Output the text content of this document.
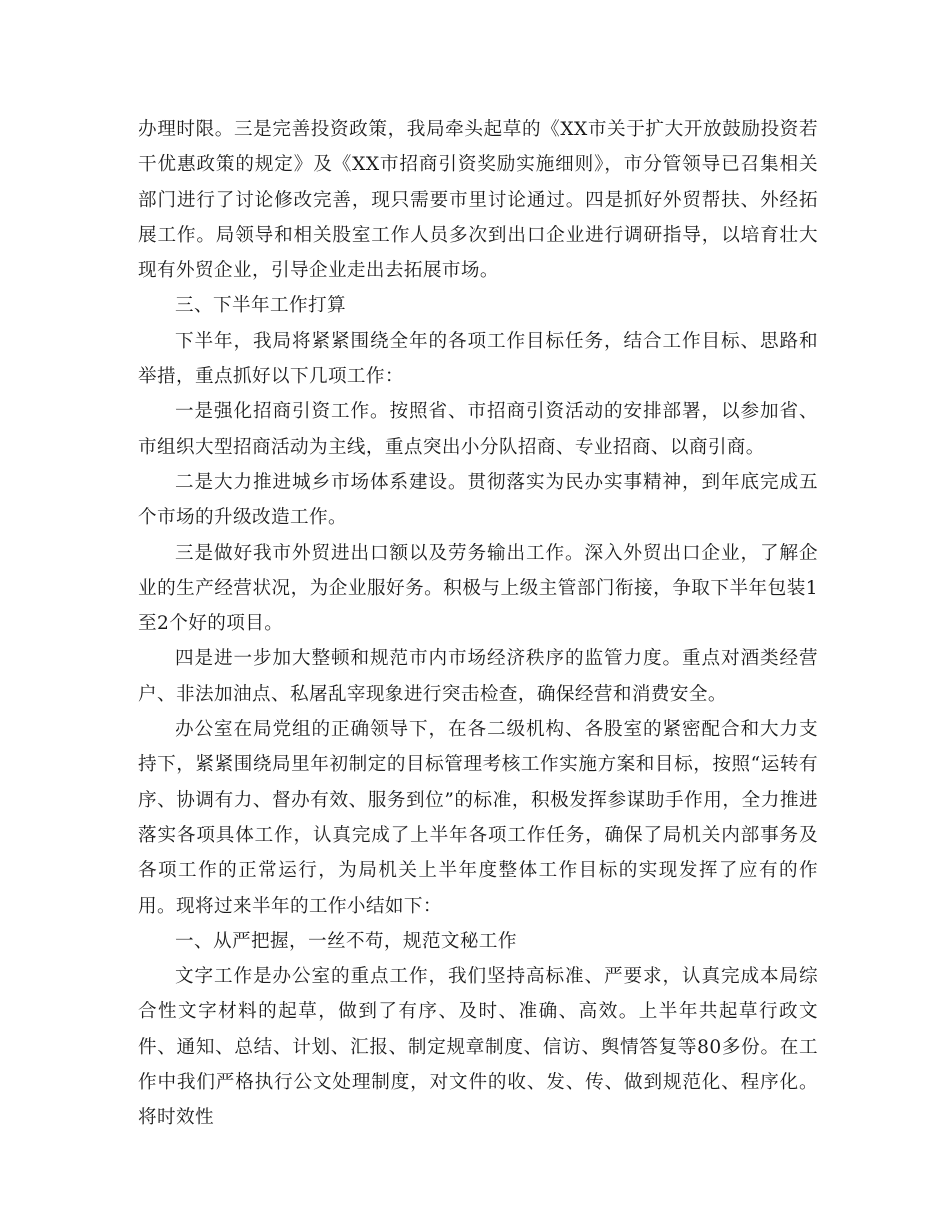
办理时限。三是完善投资政策，我局牵头起草的《XX市关于扩大开放鼓励投资若干优惠政策的规定》及《XX市招商引资奖励实施细则》，市分管领导已召集相关部门进行了讨论修改完善，现只需要市里讨论通过。四是抓好外贸帮扶、外经拓展工作。局领导和相关股室工作人员多次到出口企业进行调研指导，以培育壮大现有外贸企业，引导企业走出去拓展市场。

三、下半年工作打算

下半年，我局将紧紧围绕全年的各项工作目标任务，结合工作目标、思路和举措，重点抓好以下几项工作：

一是强化招商引资工作。按照省、市招商引资活动的安排部署，以参加省、市组织大型招商活动为主线，重点突出小分队招商、专业招商、以商引商。

二是大力推进城乡市场体系建设。贯彻落实为民办实事精神，到年底完成五个市场的升级改造工作。

三是做好我市外贸进出口额以及劳务输出工作。深入外贸出口企业，了解企业的生产经营状况，为企业服好务。积极与上级主管部门衔接，争取下半年包装1至2个好的项目。

四是进一步加大整顿和规范市内市场经济秩序的监管力度。重点对酒类经营户、非法加油点、私屠乱宰现象进行突击检查，确保经营和消费安全。

办公室在局党组的正确领导下，在各二级机构、各股室的紧密配合和大力支持下，紧紧围绕局里年初制定的目标管理考核工作实施方案和目标，按照“运转有序、协调有力、督办有效、服务到位”的标准，积极发挥参谋助手作用，全力推进落实各项具体工作，认真完成了上半年各项工作任务，确保了局机关内部事务及各项工作的正常运行，为局机关上半年度整体工作目标的实现发挥了应有的作用。现将过来半年的工作小结如下：

一、从严把握，一丝不苟，规范文秘工作

文字工作是办公室的重点工作，我们坚持高标准、严要求，认真完成本局综合性文字材料的起草，做到了有序、及时、准确、高效。上半年共起草行政文件、通知、总结、计划、汇报、制定规章制度、信访、舆情答复等80多份。在工作中我们严格执行公文处理制度，对文件的收、发、传、做到规范化、程序化。将时效性
